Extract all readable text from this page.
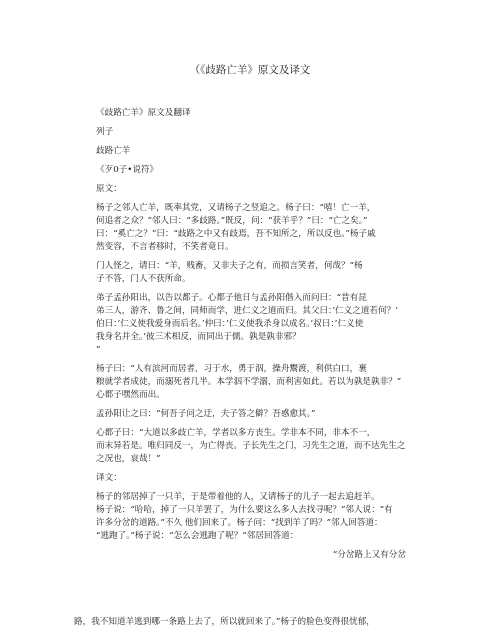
（《歧路亡羊》原文及译文
《歧路亡羊》原文及翻译
列子
歧路亡羊
《歹0子•说符》
原文：
杨子之邻人亡羊，既率其党，又请杨子之竖追之。杨子曰：“嘻！亡一羊，
何追者之众？”邻人曰：“多歧路。”既反，问：“获羊乎？”曰：“亡之矣。”
曰：“奚亡之？”曰：“歧路之中又有歧焉，吾不知所之，所以反也。”杨子戚
然变容，不言者移时，不笑者竟日。
门人怪之，请曰：“羊，贱畜，又非夫子之有，而损言笑者，何哉？”杨
子不答，门人不获所命。
弟子孟孙阳出，以告以都子。心都子他日与孟孙阳偕入而问曰：“昔有昆
弟三人，游齐、鲁之间，同师而学，进仁义之道而归。其父曰：’仁义之道若何？’
伯曰：’仁义使我爱身而后名。’仲曰：’仁义使我杀身以成名。’叔曰：’仁义使
我身名并全。’彼三术相反，而同出于儒。孰是孰非邪？
”
杨子曰：“人有滨河而居者，习于水，勇于泅，操舟鬻渡，利供白口，裹
粮就学者成徒，而溺死者几半。本学泅不学溺，而利害如此。若以为孰是孰非？”
心都子嘿然而出。
孟孙阳让之曰：“何吾子问之迂，夫子答之僻？吾惑愈其。”
心都子曰：“大道以多歧亡羊，学者以多方丧生。学非本不同，非本不一，
而末异若是。唯归同反一，为亡得丧。子长先生之门，习先生之道，而不达先生之
之况也，哀哉！”
译文：
杨子的邻居掉了一只羊，于是带着他的人，又请杨子的儿子一起去追赶羊。
杨子说：“哈哈，掉了一只羊罢了，为什么要这么多人去找寻呢？”邻人说：“有
许多分岔的道路。”不久 他们回来了。杨子问：“找到羊了吗？”邻人回答道：
“逃跑了。”杨子说：“怎么会逃跑了呢？”邻居回答道：
“分岔路上又有分岔
路，我不知道羊逃到哪一条路上去了，所以就回来了。”杨子的脸色变得很忧郁，
